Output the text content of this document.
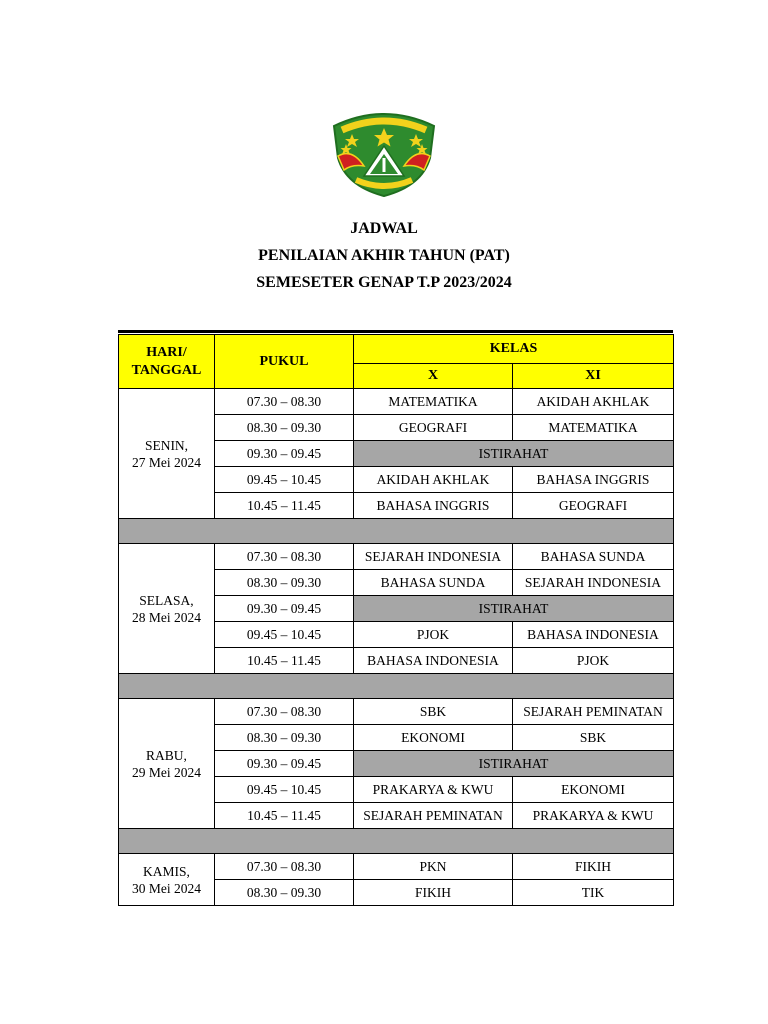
JADWAL
PENILAIAN AKHIR TAHUN (PAT)
SEMESETER GENAP T.P 2023/2024
HARI/ TANGGAL	PUKUL	KELAS	
		X	XI

SENIN,
27 Mei 2024	07.30 – 08.30	MATEMATIKA	AKIDAH AKHLAK
	08.30 – 09.30	GEOGRAFI	MATEMATIKA
	09.30 – 09.45	ISTIRAHAT	
	09.45 – 10.45	AKIDAH AKHLAK	BAHASA INGGRIS
	10.45 – 11.45	BAHASA INGGRIS	GEOGRAFI

SELASA,
28 Mei 2024	07.30 – 08.30	SEJARAH INDONESIA	BAHASA SUNDA
	08.30 – 09.30	BAHASA SUNDA	SEJARAH INDONESIA
	09.30 – 09.45	ISTIRAHAT	
	09.45 – 10.45	PJOK	BAHASA INDONESIA
	10.45 – 11.45	BAHASA INDONESIA	PJOK

RABU,
29 Mei 2024	07.30 – 08.30	SBK	SEJARAH PEMINATAN
	08.30 – 09.30	EKONOMI	SBK
	09.30 – 09.45	ISTIRAHAT	
	09.45 – 10.45	PRAKARYA & KWU	EKONOMI
	10.45 – 11.45	SEJARAH PEMINATAN	PRAKARYA & KWU

KAMIS,
30 Mei 2024	07.30 – 08.30	PKN	FIKIH
	08.30 – 09.30	FIKIH	TIK
